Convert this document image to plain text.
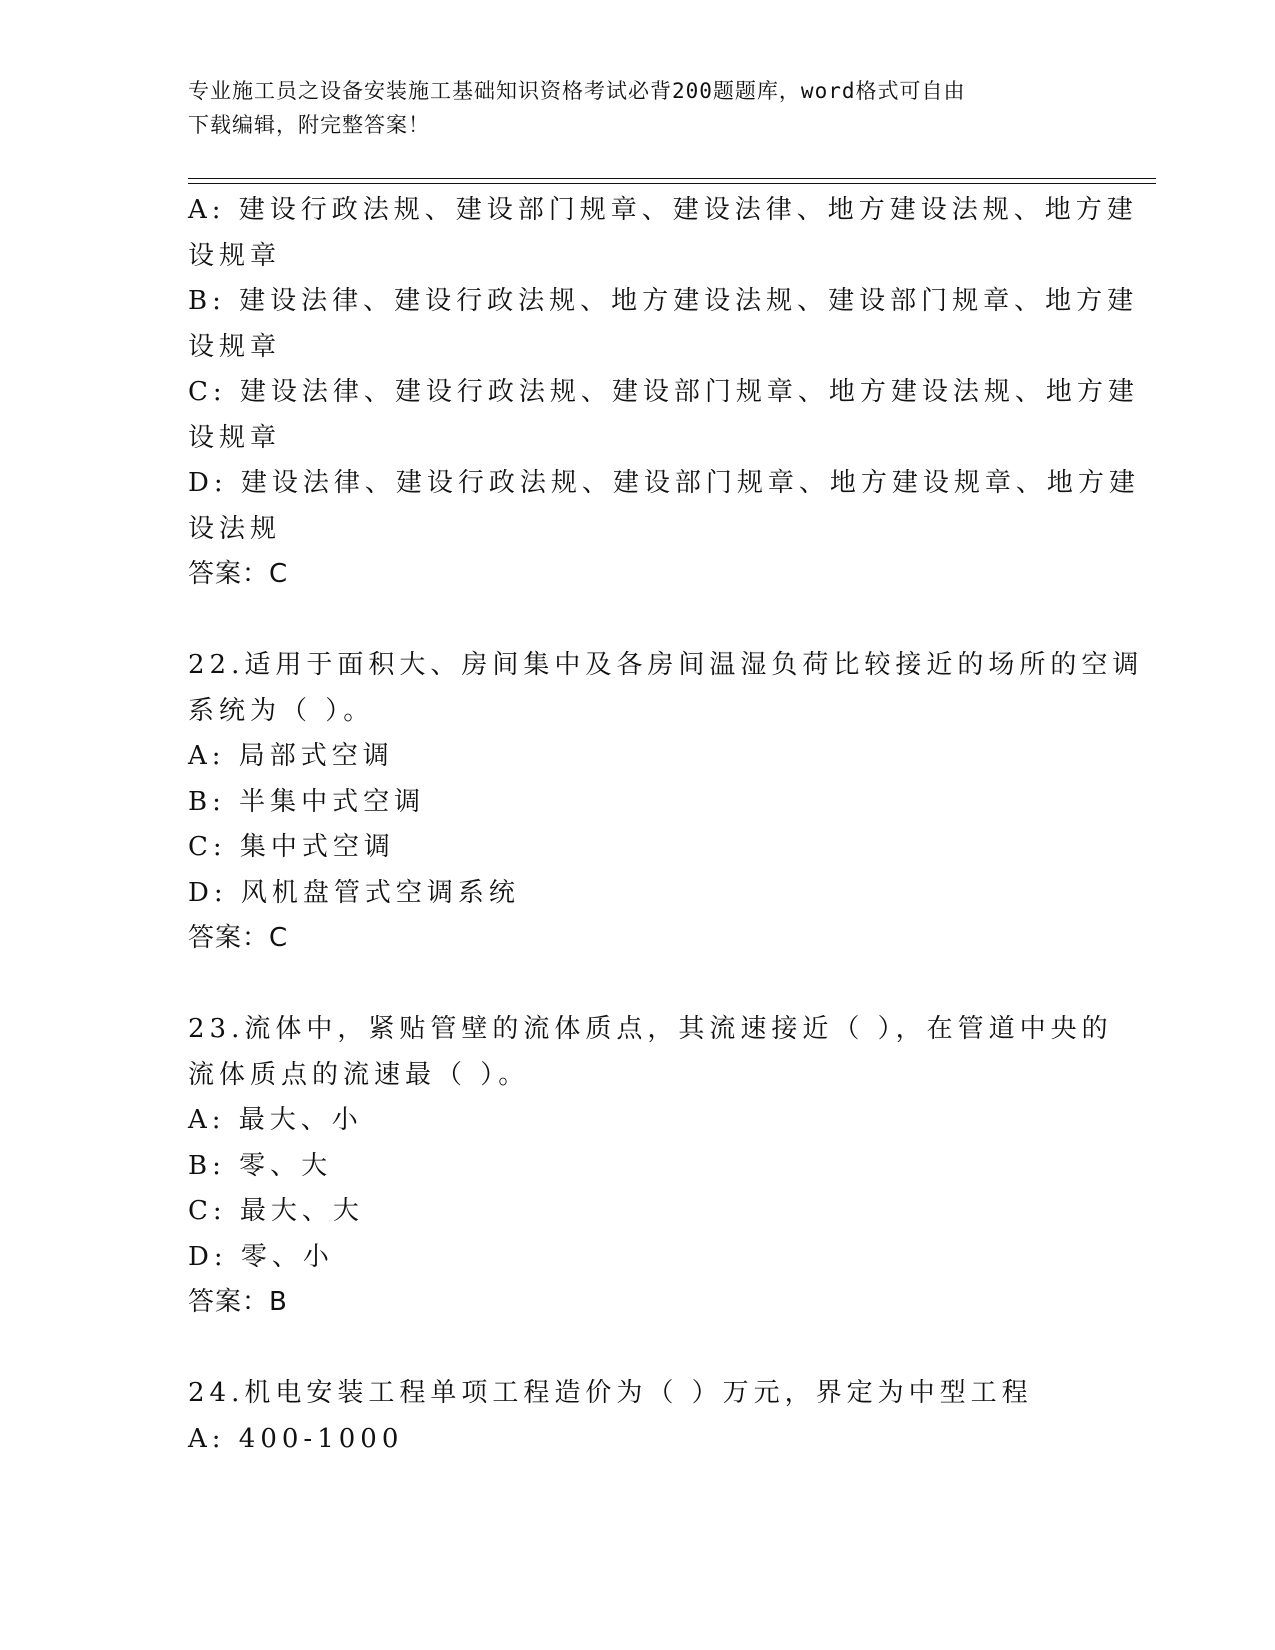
专业施工员之设备安装施工基础知识资格考试必背200题题库，word格式可自由
下载编辑，附完整答案！
A: 建设行政法规、建设部门规章、建设法律、地方建设法规、地方建
设规章
B: 建设法律、建设行政法规、地方建设法规、建设部门规章、地方建
设规章
C: 建设法律、建设行政法规、建设部门规章、地方建设法规、地方建
设规章
D: 建设法律、建设行政法规、建设部门规章、地方建设规章、地方建
设法规
答案：C
22.适用于面积大、房间集中及各房间温湿负荷比较接近的场所的空调
系统为（ ）。
A: 局部式空调
B: 半集中式空调
C: 集中式空调
D: 风机盘管式空调系统
答案：C
23.流体中，紧贴管壁的流体质点，其流速接近（ ），在管道中央的
流体质点的流速最（ ）。
A: 最大、小
B: 零、大
C: 最大、大
D: 零、小
答案：B
24.机电安装工程单项工程造价为（ ）万元，界定为中型工程
A: 400-1000
